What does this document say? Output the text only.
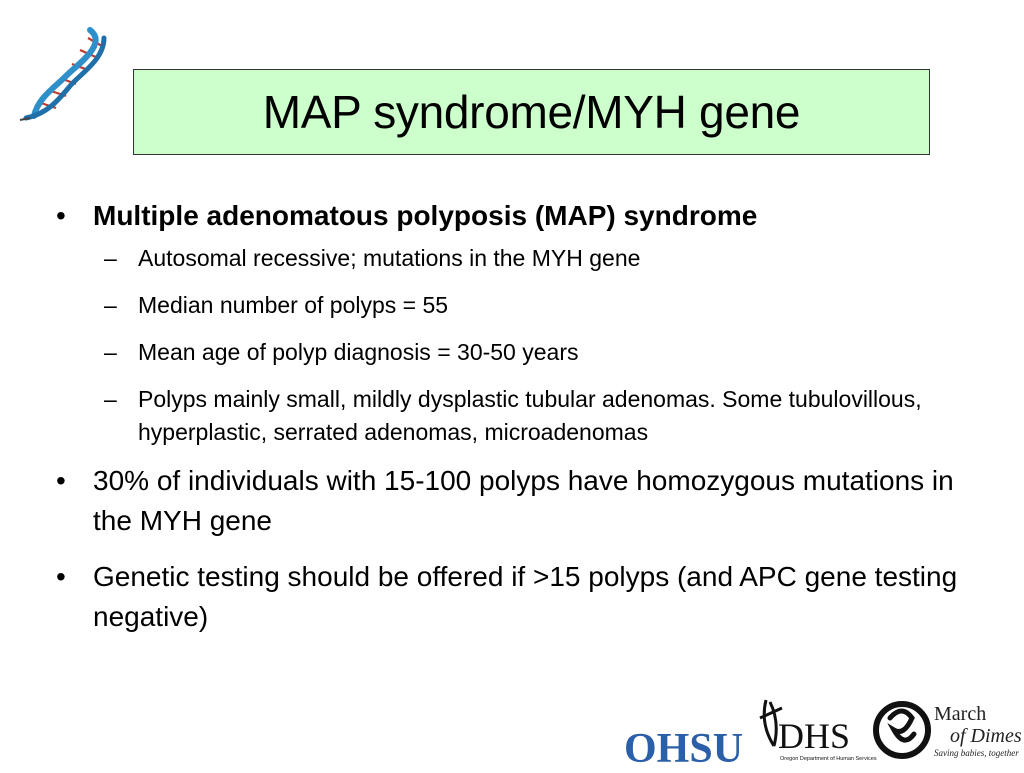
MAP syndrome/MYH gene
• Multiple adenomatous polyposis (MAP) syndrome
– Autosomal recessive; mutations in the MYH gene
– Median number of polyps = 55
– Mean age of polyp diagnosis = 30-50 years
– Polyps mainly small, mildly dysplastic tubular adenomas. Some tubulovillous, hyperplastic, serrated adenomas, microadenomas
• 30% of individuals with 15-100 polyps have homozygous mutations in the MYH gene
• Genetic testing should be offered if >15 polyps (and APC gene testing negative)
OHSU DHS
Oregon Department of Human Services
March
of Dimes
Saving babies, together
